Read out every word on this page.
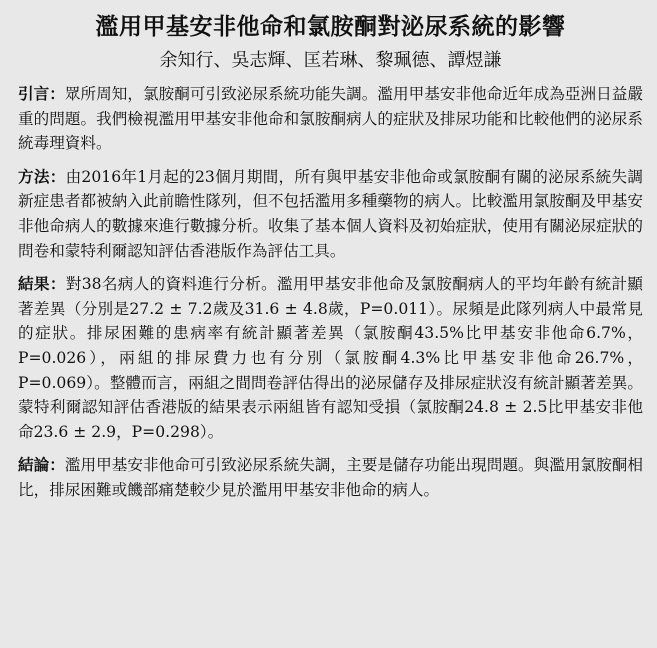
濫用甲基安非他命和氯胺酮對泌尿系統的影響
余知行、吳志輝、匡若琳、黎珮德、譚煜謙

引言：眾所周知，氯胺酮可引致泌尿系統功能失調。濫用甲基安非他命近年成為亞洲日益嚴重的問題。我們檢視濫用甲基安非他命和氯胺酮病人的症狀及排尿功能和比較他們的泌尿系統毒理資料。

方法：由2016年1月起的23個月期間，所有與甲基安非他命或氯胺酮有關的泌尿系統失調新症患者都被納入此前瞻性隊列，但不包括濫用多種藥物的病人。比較濫用氯胺酮及甲基安非他命病人的數據來進行數據分析。收集了基本個人資料及初始症狀，使用有關泌尿症狀的問卷和蒙特利爾認知評估香港版作為評估工具。

結果：對38名病人的資料進行分析。濫用甲基安非他命及氯胺酮病人的平均年齡有統計顯著差異（分別是27.2 ± 7.2歲及31.6 ± 4.8歲，P=0.011）。尿頻是此隊列病人中最常見的症狀。排尿困難的患病率有統計顯著差異（氯胺酮43.5%比甲基安非他命6.7%，P=0.026），兩組的排尿費力也有分別（氯胺酮4.3%比甲基安非他命26.7%，P=0.069）。整體而言，兩組之間問卷評估得出的泌尿儲存及排尿症狀沒有統計顯著差異。蒙特利爾認知評估香港版的結果表示兩組皆有認知受損（氯胺酮24.8 ± 2.5比甲基安非他命23.6 ± 2.9，P=0.298）。

結論：濫用甲基安非他命可引致泌尿系統失調，主要是儲存功能出現問題。與濫用氯胺酮相比，排尿困難或饑部痛楚較少見於濫用甲基安非他命的病人。
